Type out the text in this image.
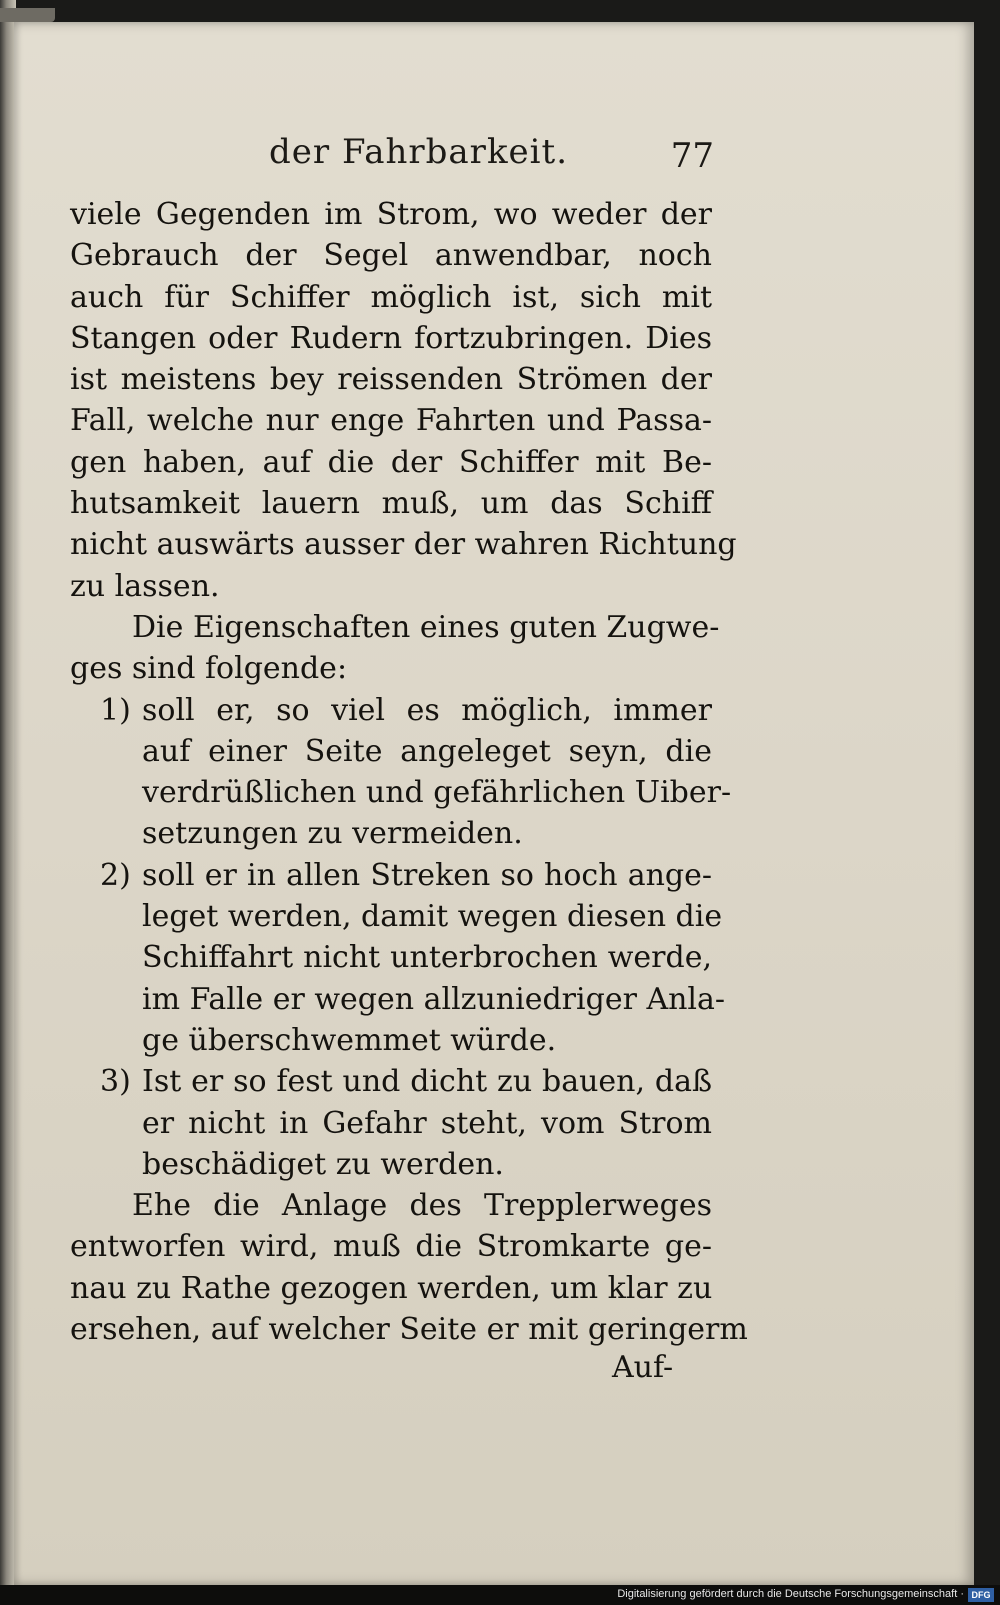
der Fahrbarkeit.	77
viele Gegenden im Strom, wo weder der
Gebrauch der Segel anwendbar, noch
auch für Schiffer möglich ist, sich mit
Stangen oder Rudern fortzubringen. Dies
ist meistens bey reissenden Strömen der
Fall, welche nur enge Fahrten und Passa-
gen haben, auf die der Schiffer mit Be-
hutsamkeit lauern muß, um das Schiff
nicht auswärts ausser der wahren Richtung
zu lassen.
Die Eigenschaften eines guten Zugwe-
ges sind folgende:
1) soll er, so viel es möglich, immer
auf einer Seite angeleget seyn, die
verdrüßlichen und gefährlichen Uiber-
setzungen zu vermeiden.
2) soll er in allen Streken so hoch ange-
leget werden, damit wegen diesen die
Schiffahrt nicht unterbrochen werde,
im Falle er wegen allzuniedriger Anla-
ge überschwemmet würde.
3) Ist er so fest und dicht zu bauen, daß
er nicht in Gefahr steht, vom Strom
beschädiget zu werden.
Ehe die Anlage des Trepplerweges
entworfen wird, muß die Stromkarte ge-
nau zu Rathe gezogen werden, um klar zu
ersehen, auf welcher Seite er mit geringerm
Auf-
Digitalisierung gefördert durch die Deutsche Forschungsgemeinschaft · DFG
